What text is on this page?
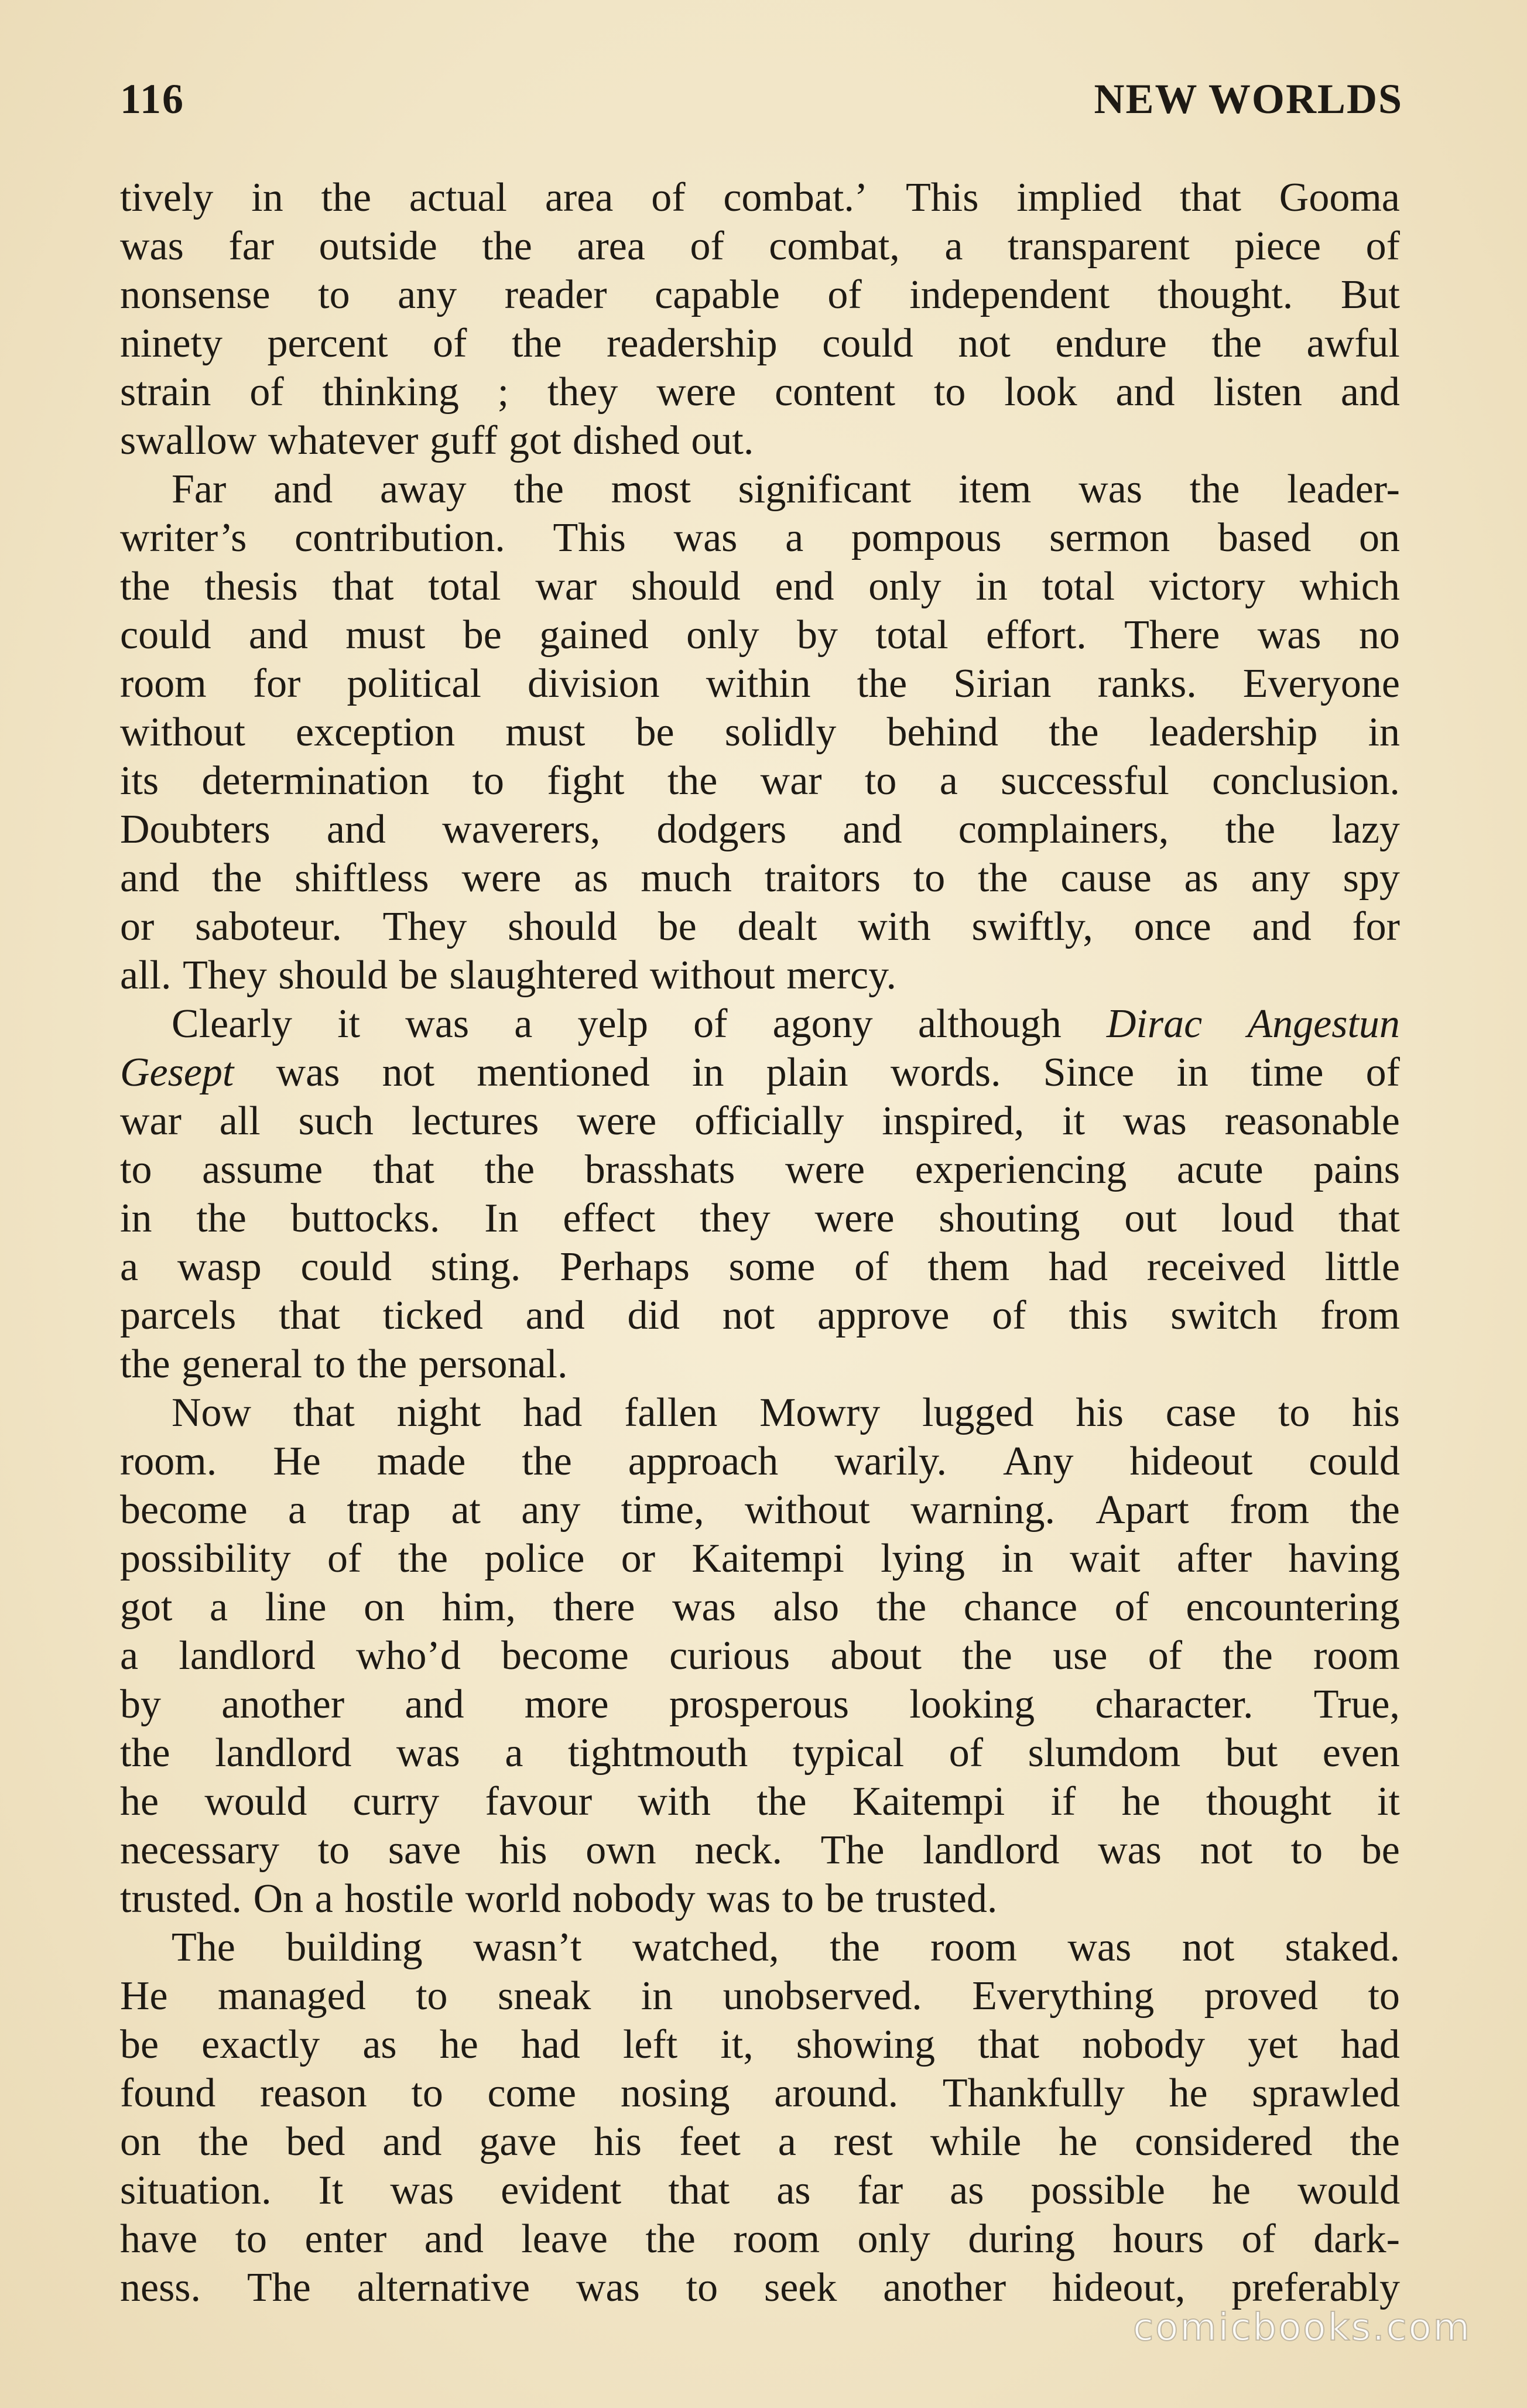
116	NEW WORLDS
tively in the actual area of combat.’ This implied that Gooma
was far outside the area of combat, a transparent piece of
nonsense to any reader capable of independent thought. But
ninety percent of the readership could not endure the awful
strain of thinking ; they were content to look and listen and
swallow whatever guff got dished out.
Far and away the most significant item was the leader-
writer’s contribution. This was a pompous sermon based on
the thesis that total war should end only in total victory which
could and must be gained only by total effort. There was no
room for political division within the Sirian ranks. Everyone
without exception must be solidly behind the leadership in
its determination to fight the war to a successful conclusion.
Doubters and waverers, dodgers and complainers, the lazy
and the shiftless were as much traitors to the cause as any spy
or saboteur. They should be dealt with swiftly, once and for
all. They should be slaughtered without mercy.
Clearly it was a yelp of agony although Dirac Angestun
Gesept was not mentioned in plain words. Since in time of
war all such lectures were officially inspired, it was reasonable
to assume that the brasshats were experiencing acute pains
in the buttocks. In effect they were shouting out loud that
a wasp could sting. Perhaps some of them had received little
parcels that ticked and did not approve of this switch from
the general to the personal.
Now that night had fallen Mowry lugged his case to his
room. He made the approach warily. Any hideout could
become a trap at any time, without warning. Apart from the
possibility of the police or Kaitempi lying in wait after having
got a line on him, there was also the chance of encountering
a landlord who’d become curious about the use of the room
by another and more prosperous looking character. True,
the landlord was a tightmouth typical of slumdom but even
he would curry favour with the Kaitempi if he thought it
necessary to save his own neck. The landlord was not to be
trusted. On a hostile world nobody was to be trusted.
The building wasn’t watched, the room was not staked.
He managed to sneak in unobserved. Everything proved to
be exactly as he had left it, showing that nobody yet had
found reason to come nosing around. Thankfully he sprawled
on the bed and gave his feet a rest while he considered the
situation. It was evident that as far as possible he would
have to enter and leave the room only during hours of dark-
ness. The alternative was to seek another hideout, preferably
comicbooks.com
